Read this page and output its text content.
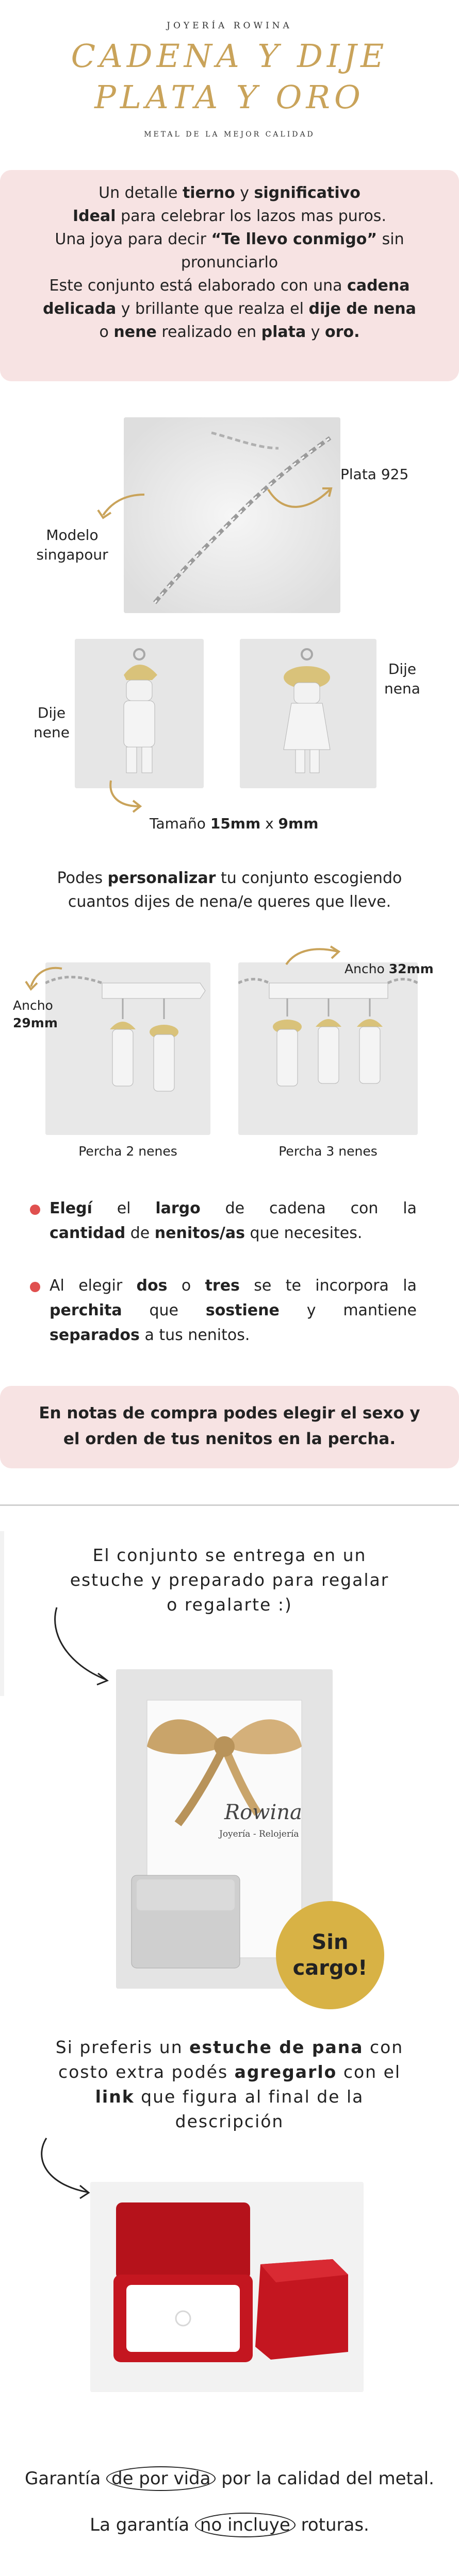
JOYERÍA ROWINA
CADENA Y DIJE
PLATA Y ORO
METAL DE LA MEJOR CALIDAD

Un detalle tierno y significativo

Ideal para celebrar los lazos mas puros.

Una joya para decir “Te llevo conmigo” sin

pronunciarlo

Este conjunto está elaborado con una cadena

delicada y brillante que realza el dije de nena

o nene realizado en plata y oro.

Modelo
singapour
Plata 925
Dije
nene
Dije
nena
Tamaño 15mm x 9mm
Podes personalizar tu conjunto escogiendo
cuantos dijes de nena/e queres que lleve.
Ancho
29mm
Ancho 32mm
Percha 2 nenes	Percha 3 nenes
Elegí el largo de cadena con la
cantidad de nenitos/as que necesites.
Al elegir dos o tres se te incorpora la
perchita que sostiene y mantiene
separados a tus nenitos.
En notas de compra podes elegir el sexo y
el orden de tus nenitos en la percha.
El conjunto se entrega en un
estuche y preparado para regalar
o regalarte :)
Rowina
Joyería - Relojería
Sin
cargo!
Si preferis un estuche de pana con
costo extra podés agregarlo con el
link que figura al final de la
descripción
Garantía de por vida por la calidad del metal.
La garantía no incluye roturas.
